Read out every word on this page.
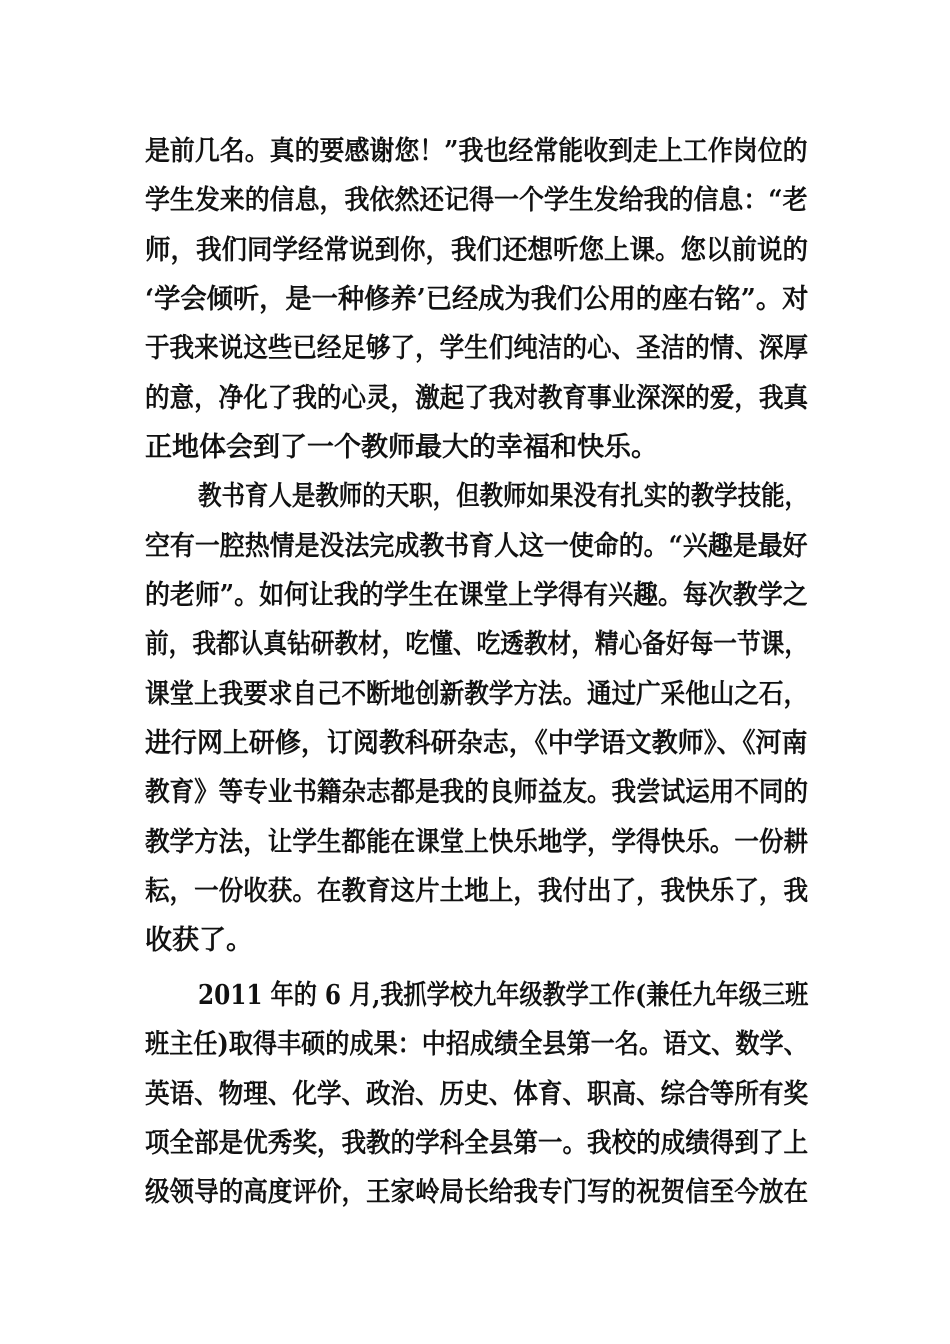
是前几名。真的要感谢您！”我也经常能收到走上工作岗位的
学生发来的信息，我依然还记得一个学生发给我的信息：“老
师，我们同学经常说到你，我们还想听您上课。您以前说的
‘学会倾听，是一种修养’已经成为我们公用的座右铭”。对
于我来说这些已经足够了，学生们纯洁的心、圣洁的情、深厚
的意，净化了我的心灵，激起了我对教育事业深深的爱，我真
正地体会到了一个教师最大的幸福和快乐。
教书育人是教师的天职，但教师如果没有扎实的教学技能，
空有一腔热情是没法完成教书育人这一使命的。“兴趣是最好
的老师”。如何让我的学生在课堂上学得有兴趣。每次教学之
前，我都认真钻研教材，吃懂、吃透教材，精心备好每一节课，
课堂上我要求自己不断地创新教学方法。通过广采他山之石，
进行网上研修，订阅教科研杂志，《中学语文教师》、《河南
教育》等专业书籍杂志都是我的良师益友。我尝试运用不同的
教学方法，让学生都能在课堂上快乐地学，学得快乐。一份耕
耘，一份收获。在教育这片土地上，我付出了，我快乐了，我
收获了。
2011 年的 6 月,我抓学校九年级教学工作(兼任九年级三班
班主任)取得丰硕的成果：中招成绩全县第一名。语文、数学、
英语、物理、化学、政治、历史、体育、职高、综合等所有奖
项全部是优秀奖，我教的学科全县第一。我校的成绩得到了上
级领导的高度评价，王家岭局长给我专门写的祝贺信至今放在
